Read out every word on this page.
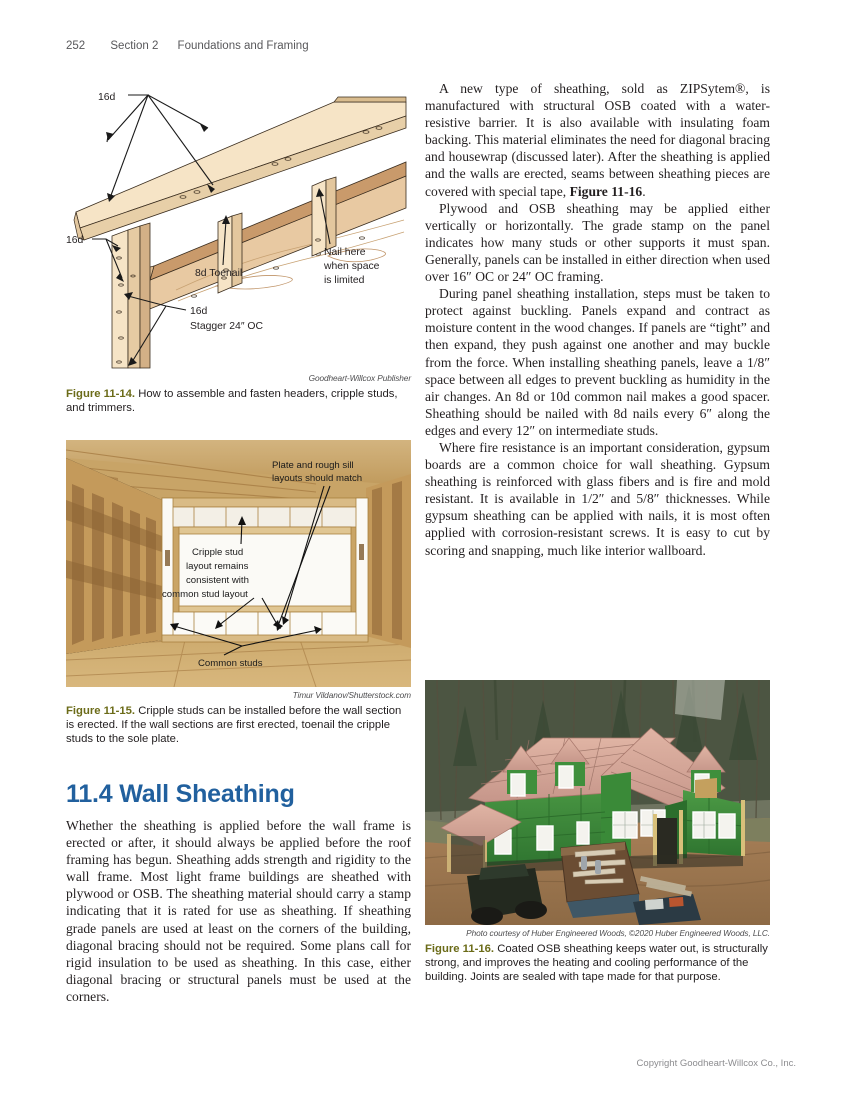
252 Section 2 Foundations and Framing
16d
16d
8d Toenail
Nail here
when space
is limited
16d
Stagger 24″ OC
Goodheart-Willcox Publisher
Figure 11-14. How to assemble and fasten headers, cripple studs, and trimmers.
Plate and rough sill
layouts should match
Cripple stud
layout remains
consistent with
common stud layout
Common studs
Timur Vildanov/Shutterstock.com
Figure 11-15. Cripple studs can be installed before the wall section is erected. If the wall sections are first erected, toenail the cripple studs to the sole plate.
11.4 Wall Sheathing

Whether the sheathing is applied before the wall frame is erected or after, it should always be applied before the roof framing has begun. Sheathing adds strength and rigidity to the wall frame. Most light frame buildings are sheathed with plywood or OSB. The sheathing material should carry a stamp indicating that it is rated for use as sheathing. If sheathing grade panels are used at least on the corners of the building, diagonal bracing should not be required. Some plans call for rigid insulation to be used as sheathing. In this case, either diagonal bracing or structural panels must be used at the corners.

A new type of sheathing, sold as ZIPSytem®, is manufactured with structural OSB coated with a water-resistive barrier. It is also available with insulating foam backing. This material eliminates the need for diagonal bracing and housewrap (discussed later). After the sheathing is applied and the walls are erected, seams between sheathing pieces are covered with special tape, Figure 11-16.

Plywood and OSB sheathing may be applied either vertically or horizontally. The grade stamp on the panel indicates how many studs or other supports it must span. Generally, panels can be installed in either direction when used over 16″ OC or 24″ OC framing.

During panel sheathing installation, steps must be taken to protect against buckling. Panels expand and contract as moisture content in the wood changes. If panels are “tight” and then expand, they push against one another and may buckle from the force. When installing sheathing panels, leave a 1/8″ space between all edges to prevent buckling as humidity in the air changes. An 8d or 10d common nail makes a good spacer. Sheathing should be nailed with 8d nails every 6″ along the edges and every 12″ on intermediate studs.

Where fire resistance is an important consideration, gypsum boards are a common choice for wall sheathing. Gypsum sheathing is reinforced with glass fibers and is fire and mold resistant. It is available in 1/2″ and 5/8″ thicknesses. While gypsum sheathing can be applied with nails, it is most often applied with corrosion-resistant screws. It is easy to cut by scoring and snapping, much like interior wallboard.

Photo courtesy of Huber Engineered Woods, ©2020 Huber Engineered Woods, LLC.
Figure 11-16. Coated OSB sheathing keeps water out, is structurally strong, and improves the heating and cooling performance of the building. Joints are sealed with tape made for that purpose.
Copyright Goodheart-Willcox Co., Inc.
